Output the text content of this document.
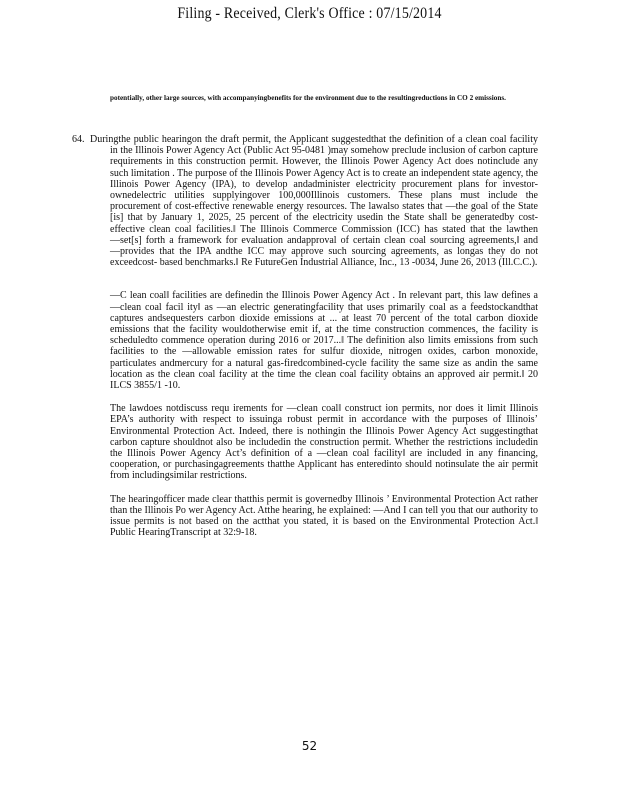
Filing - Received, Clerk's Office : 07/15/2014
potentially, other large sources, with accompanyingbenefits for the environment due to the resultingreductions in CO 2 emissions.
64. Duringthe public hearingon the draft permit, the Applicant suggestedthat the definition of a clean coal facility in the Illinois Power Agency Act (Public Act 95-0481 )may somehow preclude inclusion of carbon capture requirements in this construction permit. However, the Illinois Power Agency Act does notinclude any such limitation . The purpose of the Illinois Power Agency Act is to create an independent state agency, the Illinois Power Agency (IPA), to develop andadminister electricity procurement plans for investor-ownedelectric utilities supplyingover 100,000Illinois customers. These plans must include the procurement of cost-effective renewable energy resources. The lawalso states that ―the goal of the State [is] that by January 1, 2025, 25 percent of the electricity usedin the State shall be generatedby cost-effective clean coal facilities.‖ The Illinois Commerce Commission (ICC) has stated that the lawthen ―set[s] forth a framework for evaluation andapproval of certain clean coal sourcing agreements,‖ and ―provides that the IPA andthe ICC may approve such sourcing agreements, as longas they do not exceedcost- based benchmarks.‖ Re FutureGen Industrial Alliance, Inc., 13 -0034, June 26, 2013 (Ill.C.C.).

―C lean coal‖ facilities are definedin the Illinois Power Agency Act . In relevant part, this law defines a ―clean coal facil ity‖ as ―an electric generatingfacility that uses primarily coal as a feedstockandthat captures andsequesters carbon dioxide emissions at ... at least 70 percent of the total carbon dioxide emissions that the facility wouldotherwise emit if, at the time construction commences, the facility is scheduledto commence operation during 2016 or 2017...‖ The definition also limits emissions from such facilities to the ―allowable emission rates for sulfur dioxide, nitrogen oxides, carbon monoxide, particulates andmercury for a natural gas-firedcombined-cycle facility the same size as andin the same location as the clean coal facility at the time the clean coal facility obtains an approved air permit.‖ 20 ILCS 3855/1 -10.

The lawdoes notdiscuss requ irements for ―clean coal‖ construct ion permits, nor does it limit Illinois EPA’s authority with respect to issuinga robust permit in accordance with the purposes of Illinois’ Environmental Protection Act. Indeed, there is nothingin the Illinois Power Agency Act suggestingthat carbon capture shouldnot also be includedin the construction permit. Whether the restrictions includedin the Illinois Power Agency Act’s definition of a ―clean coal facility‖ are included in any financing, cooperation, or purchasingagreements thatthe Applicant has enteredinto should notinsulate the air permit from includingsimilar restrictions.

The hearingofficer made clear thatthis permit is governedby Illinois ’ Environmental Protection Act rather than the Illinois Po wer Agency Act. Atthe hearing, he explained: ―And I can tell you that our authority to issue permits is not based on the actthat you stated, it is based on the Environmental Protection Act.‖ Public HearingTranscript at 32:9-18.

52
